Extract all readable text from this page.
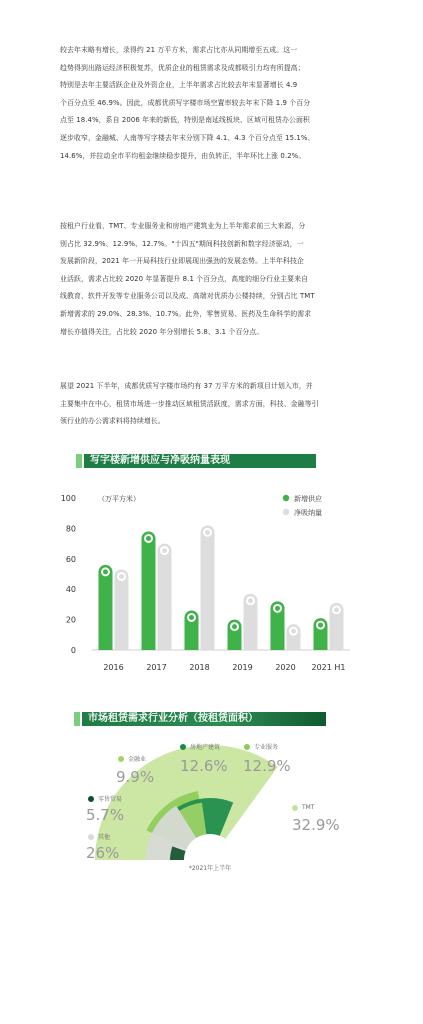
较去年末略有增长，录得约 21 万平方米，需求占比亦从同期增至五成。这一
趋势得到出路运经济积极复苏，优质企业的租赁需求及成都吸引力均有所提高；
特别是去年主要活跃企业及外资企业，上半年需求占比较去年末显著增长 4.9
个百分点至 46.9%。因此，成都优质写字楼市场空置率较去年末下降 1.9 个百分
点至 18.4%，系自 2006 年来的新低，特别是南延线板块、区域可租赁办公面积
逐步收窄，金融城、人南等写字楼去年末分别下降 4.1、4.3 个百分点至 15.1%、
14.6%，并拉动全市平均租金继续稳步提升，由负转正，半年环比上涨 0.2%。
按租户行业看，TMT、专业服务业和房地产建筑业为上半年需求前三大来源，分
别占比 32.9%、12.9%、12.7%。"十四五"期间科技创新和数字经济驱动，一
发展新阶段，2021 年一开局科技行业即展现出强劲的发展态势。上半年科技企
业活跃，需求占比较 2020 年显著提升 8.1 个百分点，高度的细分行业主要来自
线教育、软件开发等专业服务公司以及成、高端对优质办公楼持续，分别占比 TMT
新增需求的 29.0%、28.3%、10.7%。此外，零售贸易、医药及生命科学的需求
增长亦值得关注，占比较 2020 年分别增长 5.8、3.1 个百分点。
展望 2021 下半年，成都优质写字楼市场约有 37 万平方米的新项目计划入市，并
主要集中在中心，租赁市场进一步推动区域租赁活跃度，需求方面，科技、金融等引
领行业的办公需求料将持续增长。
写字楼新增供应与净吸纳量表现
0
20
40
60
80
100	（万平方米）
2016	2017	2018	2019	2020 2021 H1
新增供应
净吸纳量
市场租赁需求行业分析（按租赁面积）
*2021年上半年
金融业
9.9%
房地产建筑
12.6%
专业服务
12.9%
零售贸易
5.7%
其他
26%
TMT
32.9%
